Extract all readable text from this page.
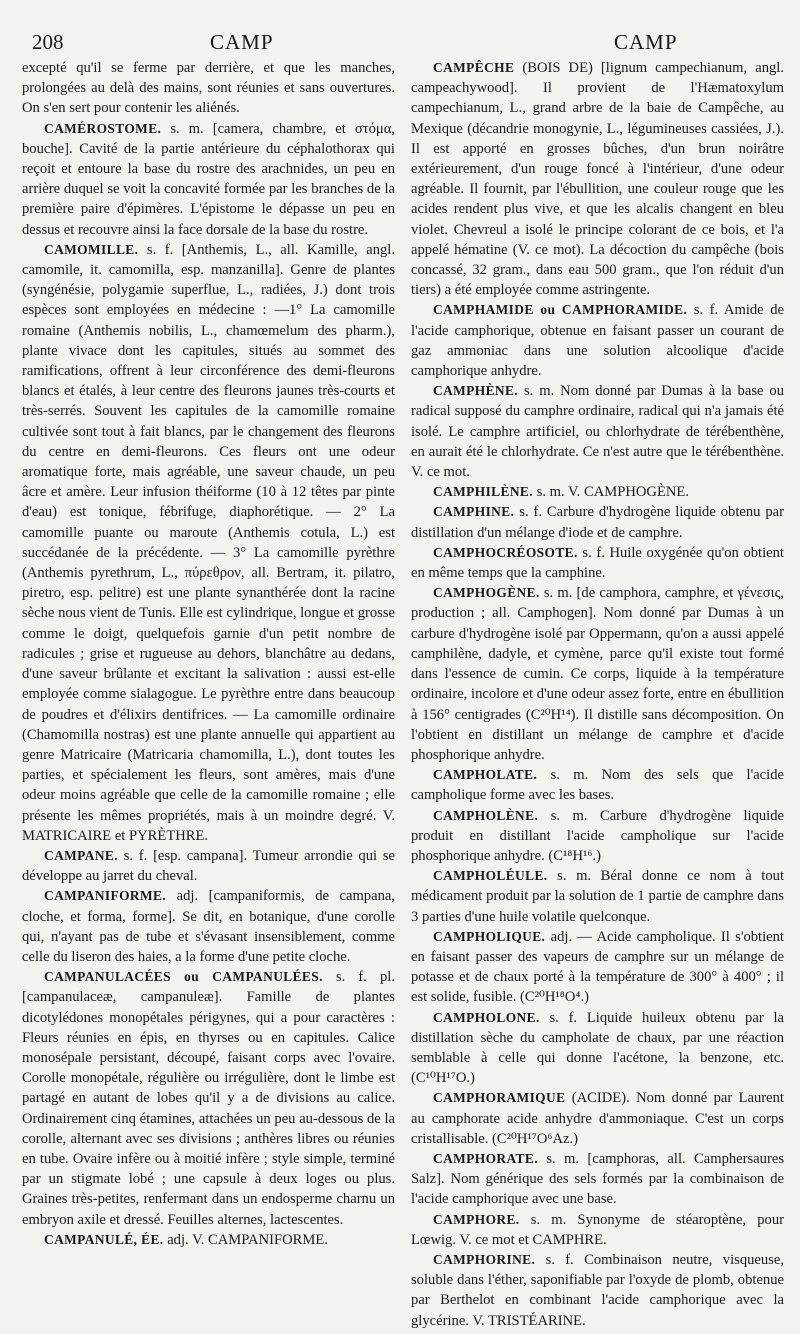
208	CAMP	CAMP

excepté qu'il se ferme par derrière, et que les manches, prolongées au delà des mains, sont réunies et sans ouvertures. On s'en sert pour contenir les aliénés.

CAMÉROSTOME. s. m. [camera, chambre, et στόμα, bouche]. Cavité de la partie antérieure du céphalothorax qui reçoit et entoure la base du rostre des arachnides, un peu en arrière duquel se voit la concavité formée par les branches de la première paire d'épimères. L'épistome le dépasse un peu en dessus et recouvre ainsi la face dorsale de la base du rostre.

CAMOMILLE. s. f. [Anthemis, L., all. Kamille, angl. camomile, it. camomilla, esp. manzanilla]. Genre de plantes (syngénésie, polygamie superflue, L., radiées, J.) dont trois espèces sont employées en médecine : —1° La camomille romaine (Anthemis nobilis, L., chamœmelum des pharm.), plante vivace dont les capitules, situés au sommet des ramifications, offrent à leur circonférence des demi-fleurons blancs et étalés, à leur centre des fleurons jaunes très-courts et très-serrés. Souvent les capitules de la camomille romaine cultivée sont tout à fait blancs, par le changement des fleurons du centre en demi-fleurons. Ces fleurs ont une odeur aromatique forte, mais agréable, une saveur chaude, un peu âcre et amère. Leur infusion théiforme (10 à 12 têtes par pinte d'eau) est tonique, fébrifuge, diaphorétique. — 2° La camomille puante ou maroute (Anthemis cotula, L.) est succédanée de la précédente. — 3° La camomille pyrèthre (Anthemis pyrethrum, L., πύρεθρον, all. Bertram, it. pilatro, piretro, esp. pelitre) est une plante synanthérée dont la racine sèche nous vient de Tunis. Elle est cylindrique, longue et grosse comme le doigt, quelquefois garnie d'un petit nombre de radicules ; grise et rugueuse au dehors, blanchâtre au dedans, d'une saveur brûlante et excitant la salivation : aussi est-elle employée comme sialagogue. Le pyrèthre entre dans beaucoup de poudres et d'élixirs dentifrices. — La camomille ordinaire (Chamomilla nostras) est une plante annuelle qui appartient au genre Matricaire (Matricaria chamomilla, L.), dont toutes les parties, et spécialement les fleurs, sont amères, mais d'une odeur moins agréable que celle de la camomille romaine ; elle présente les mêmes propriétés, mais à un moindre degré. V. MATRICAIRE et PYRÈTHRE.

CAMPANE. s. f. [esp. campana]. Tumeur arrondie qui se développe au jarret du cheval.

CAMPANIFORME. adj. [campaniformis, de campana, cloche, et forma, forme]. Se dit, en botanique, d'une corolle qui, n'ayant pas de tube et s'évasant insensiblement, comme celle du liseron des haies, a la forme d'une petite cloche.

CAMPANULACÉES ou CAMPANULÉES. s. f. pl. [campanulaceæ, campanuleæ]. Famille de plantes dicotylédones monopétales périgynes, qui a pour caractères : Fleurs réunies en épis, en thyrses ou en capitules. Calice monosépale persistant, découpé, faisant corps avec l'ovaire. Corolle monopétale, régulière ou irrégulière, dont le limbe est partagé en autant de lobes qu'il y a de divisions au calice. Ordinairement cinq étamines, attachées un peu au-dessous de la corolle, alternant avec ses divisions ; anthères libres ou réunies en tube. Ovaire infère ou à moitié infère ; style simple, terminé par un stigmate lobé ; une capsule à deux loges ou plus. Graines très-petites, renfermant dans un endosperme charnu un embryon axile et dressé. Feuilles alternes, lactescentes.

CAMPANULÉ, ÉE. adj. V. CAMPANIFORME.

CAMPÊCHE (BOIS DE) [lignum campechianum, angl. campeachywood]. Il provient de l'Hæmatoxylum campechianum, L., grand arbre de la baie de Campêche, au Mexique (décandrie monogynie, L., légumineuses cassiées, J.). Il est apporté en grosses bûches, d'un brun noirâtre extérieurement, d'un rouge foncé à l'intérieur, d'une odeur agréable. Il fournit, par l'ébullition, une couleur rouge que les acides rendent plus vive, et que les alcalis changent en bleu violet. Chevreul a isolé le principe colorant de ce bois, et l'a appelé hématine (V. ce mot). La décoction du campêche (bois concassé, 32 gram., dans eau 500 gram., que l'on réduit d'un tiers) a été employée comme astringente.

CAMPHAMIDE ou CAMPHORAMIDE. s. f. Amide de l'acide camphorique, obtenue en faisant passer un courant de gaz ammoniac dans une solution alcoolique d'acide camphorique anhydre.

CAMPHÈNE. s. m. Nom donné par Dumas à la base ou radical supposé du camphre ordinaire, radical qui n'a jamais été isolé. Le camphre artificiel, ou chlorhydrate de térébenthène, en aurait été le chlorhydrate. Ce n'est autre que le térébenthène. V. ce mot.

CAMPHILÈNE. s. m. V. CAMPHOGÈNE.

CAMPHINE. s. f. Carbure d'hydrogène liquide obtenu par distillation d'un mélange d'iode et de camphre.

CAMPHOCRÉOSOTE. s. f. Huile oxygénée qu'on obtient en même temps que la camphine.

CAMPHOGÈNE. s. m. [de camphora, camphre, et γένεσις, production ; all. Camphogen]. Nom donné par Dumas à un carbure d'hydrogène isolé par Oppermann, qu'on a aussi appelé camphilène, dadyle, et cymène, parce qu'il existe tout formé dans l'essence de cumin. Ce corps, liquide à la température ordinaire, incolore et d'une odeur assez forte, entre en ébullition à 156° centigrades (C²⁰H¹⁴). Il distille sans décomposition. On l'obtient en distillant un mélange de camphre et d'acide phosphorique anhydre.

CAMPHOLATE. s. m. Nom des sels que l'acide campholique forme avec les bases.

CAMPHOLÈNE. s. m. Carbure d'hydrogène liquide produit en distillant l'acide campholique sur l'acide phosphorique anhydre. (C¹⁸H¹⁶.)

CAMPHOLÉULE. s. m. Béral donne ce nom à tout médicament produit par la solution de 1 partie de camphre dans 3 parties d'une huile volatile quelconque.

CAMPHOLIQUE. adj. — Acide campholique. Il s'obtient en faisant passer des vapeurs de camphre sur un mélange de potasse et de chaux porté à la température de 300° à 400° ; il est solide, fusible. (C²⁰H¹⁸O⁴.)

CAMPHOLONE. s. f. Liquide huileux obtenu par la distillation sèche du campholate de chaux, par une réaction semblable à celle qui donne l'acétone, la benzone, etc. (C¹⁰H¹⁷O.)

CAMPHORAMIQUE (ACIDE). Nom donné par Laurent au camphorate acide anhydre d'ammoniaque. C'est un corps cristallisable. (C²⁰H¹⁷O⁶Az.)

CAMPHORATE. s. m. [camphoras, all. Camphersaures Salz]. Nom générique des sels formés par la combinaison de l'acide camphorique avec une base.

CAMPHORE. s. m. Synonyme de stéaroptène, pour Lœwig. V. ce mot et CAMPHRE.

CAMPHORINE. s. f. Combinaison neutre, visqueuse, soluble dans l'éther, saponifiable par l'oxyde de plomb, obtenue par Berthelot en combinant l'acide camphorique avec la glycérine. V. TRISTÉARINE.
